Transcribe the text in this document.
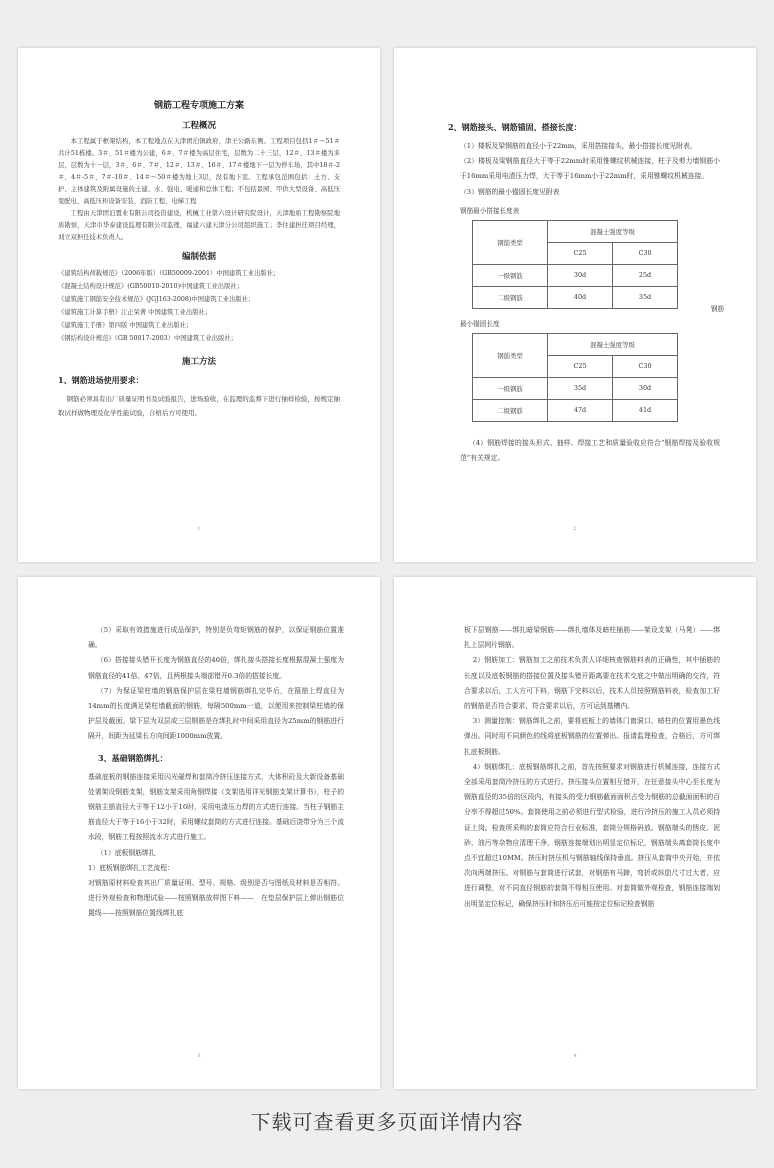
钢筋工程专项施工方案

工程概况

本工程属于框架结构，本工程地点在天津团泊镇政府、津王公路东侧。工程项目包括1＃～51＃共计51栋楼。3＃、51＃楼为公建，6＃、7＃楼为高层住宅，层数为二十三层，12＃、13＃楼为多层，层数为十一层，3＃、6＃、7＃、12＃、13＃、16＃、17＃楼地下一层为停车场，其中18＃-2＃、4＃-5＃、7＃-10＃、14＃～50＃楼为地上3层，没有地下室。工程承包范围包括：土方、支护、主体建筑及附属设施的土建、水、强电、暖通和总体工程；不包括景园、甲供大型设备、高低压变配电、高低压柜设备安装、消防工程、电梯工程

工程由天津团泊置业有限公司投资建设，机械工业第六设计研究院设计，天津地质工程勘察院地质勘察，天津市华泰建设监理有限公司监理，福建六建天津分公司组织施工；李住建担任项目经理，刘立双担任技术负责人。

编制依据

《建筑结构荷载规范》（2006年版）（GB50009-2001）中国建筑工业出版社；

《混凝土结构设计规范》(GB50010-2010)中国建筑工业出版社；

《建筑施工钢筋安全技术规范》(JGJ163-2008)中国建筑工业出版社；

《建筑施工计算手册》江正荣著 中国建筑工业出版社；

《建筑施工手册》第四版 中国建筑工业出版社；

《钢结构设计规范》（GB 50017-2003）中国建筑工业出版社；

施工方法

1、钢筋进场使用要求：

钢筋必须具有出厂质量证明书及试验报告，进场验收，在监理的监督下进行抽样检验，按规定抽取试样做物理及化学性能试验，合格后方可使用。

1

2、钢筋接头、钢筋锚固、搭接长度：

（1）楼板及梁钢筋的直径小于22mm，采用搭接接头，最小搭接长度见附表。

（2）楼板及梁钢筋直径大于等于22mm时采用锥螺纹机械连接，柱子及剪力墙钢筋小于16mm采用电渣压力焊，大于等于16mm小于22mm时，采用锥螺纹机械连接。

（3）钢筋的最小锚固长度见附表

钢筋最小搭接长度表

钢筋类型	混凝土强度等级	
	C25	C30
一级钢筋	30d	25d
二级钢筋	40d	35d
钢筋

最小锚固长度

钢筋类型	混凝土强度等级	
	C25	C30
一级钢筋	35d	30d
二级钢筋	47d	41d

（4）钢筋焊接的接头形式、抽样、焊接工艺和质量验收应符合“钢筋焊接及验收规范”有关规定。

2

（5）采取有效措施进行成品保护，特别是负弯矩钢筋的保护，以保证钢筋位置准确。

（6）搭接接头错开长度为钢筋直径的40倍，绑扎接头搭接长度根据混凝土强度为钢筋直径的41倍、47倍，且两根接头端部错开0.3倍的搭接长度。

（7）为保证梁柱墙的钢筋保护层在梁柱墙钢筋绑扎完毕后，在箍筋上焊直径为14mm的长度满足梁柱墙截面的钢筋，每隔500mm一道，以便用来控制梁柱墙的保护层及截面。梁下层为双层或三层钢筋是在绑扎时中间采用直径为25mm的钢筋进行隔开，间距为延梁长方向间距1000mm放置。

3、基础钢筋绑扎：

基础底板的钢筋连接采用闪光碰焊和套筒冷挤压连接方式，大体积砼及大新设备基础处需架设钢筋支架，钢筋支架采用角钢焊接（支架选用详见钢筋支架计算书），柱子的钢筋主筋直径大于等于12小于16时，采用电渣压力焊的方式进行连接。当柱子钢筋主筋直径大于等于16小于32时，采用螺纹套筒的方式进行连接。基础后浇带分为三个流水段，钢筋工程按照流水方式进行施工。

（1）底板钢筋绑扎

1）底板钢筋绑扎工艺流程：

对钢筋原材料检查其出厂质量证明、型号、规格、级别是否与图纸及材料是否相符。进行外观检查和物理试验——按照钢筋放样图下料——　在垫层保护层上弹出钢筋位置线——按照钢筋位置线绑扎底

3

板下层钢筋——绑扎暗梁钢筋——绑扎墙体及暗柱插筋——架设支架（马凳）——绑扎上层网片钢筋。

2）钢筋加工：钢筋加工之前技术负责人详细核查钢筋料表的正确性，其中插筋的长度以及底板钢筋的搭接位置及接头错开距离要在技术交底之中做出明确的交待，符合要求以后，工人方可下料，钢筋下完料以后，技术人员按照钢筋料表，检查加工好的钢筋是否符合要求，符合要求以后，方可运到基槽内。

3）测量控制：钢筋绑扎之前，要将底板上的墙体门窗洞口、暗柱的位置用墨色线弹出。同时用不同颜色的线将底板钢筋的位置弹出。报请监理检查，合格后，方可绑扎底板钢筋。

4）钢筋绑扎：底板钢筋绑扎之前，首先按照要求对钢筋进行机械连接，连接方式全部采用套筒冷挤压的方式进行。挤压接头位置相互错开，在任意接头中心至长度为钢筋直径的35倍的区段内，有接头的受力钢筋截面面积占受力钢筋的总截面面积的百分率不得超过50%。套筒使用之前必须进行型式检验，进行冷挤压的施工人员必须持证上岗。检查所采购的套筒应符合行业标准，套筒分规格码放。钢筋端头的锈皮、泥砂、油污等杂物应清理干净。钢筋连接端划出明显定位标记，钢筋端头离套筒长度中点不宜超过10MM。挤压时挤压机与钢筋轴线保持垂直。挤压从套筒中央开始，并依次向两端挤压。对钢筋与套筒进行试套，对钢筋有马蹄，弯折或纵肋尺寸过大者，应进行调整，对不同直径钢筋的套筒不得相互使用。对套筒做外观检查，钢筋连接端划出明显定位标记，确保挤压时和挤压后可能按定位标记检查钢筋

4
下载可查看更多页面详情内容
